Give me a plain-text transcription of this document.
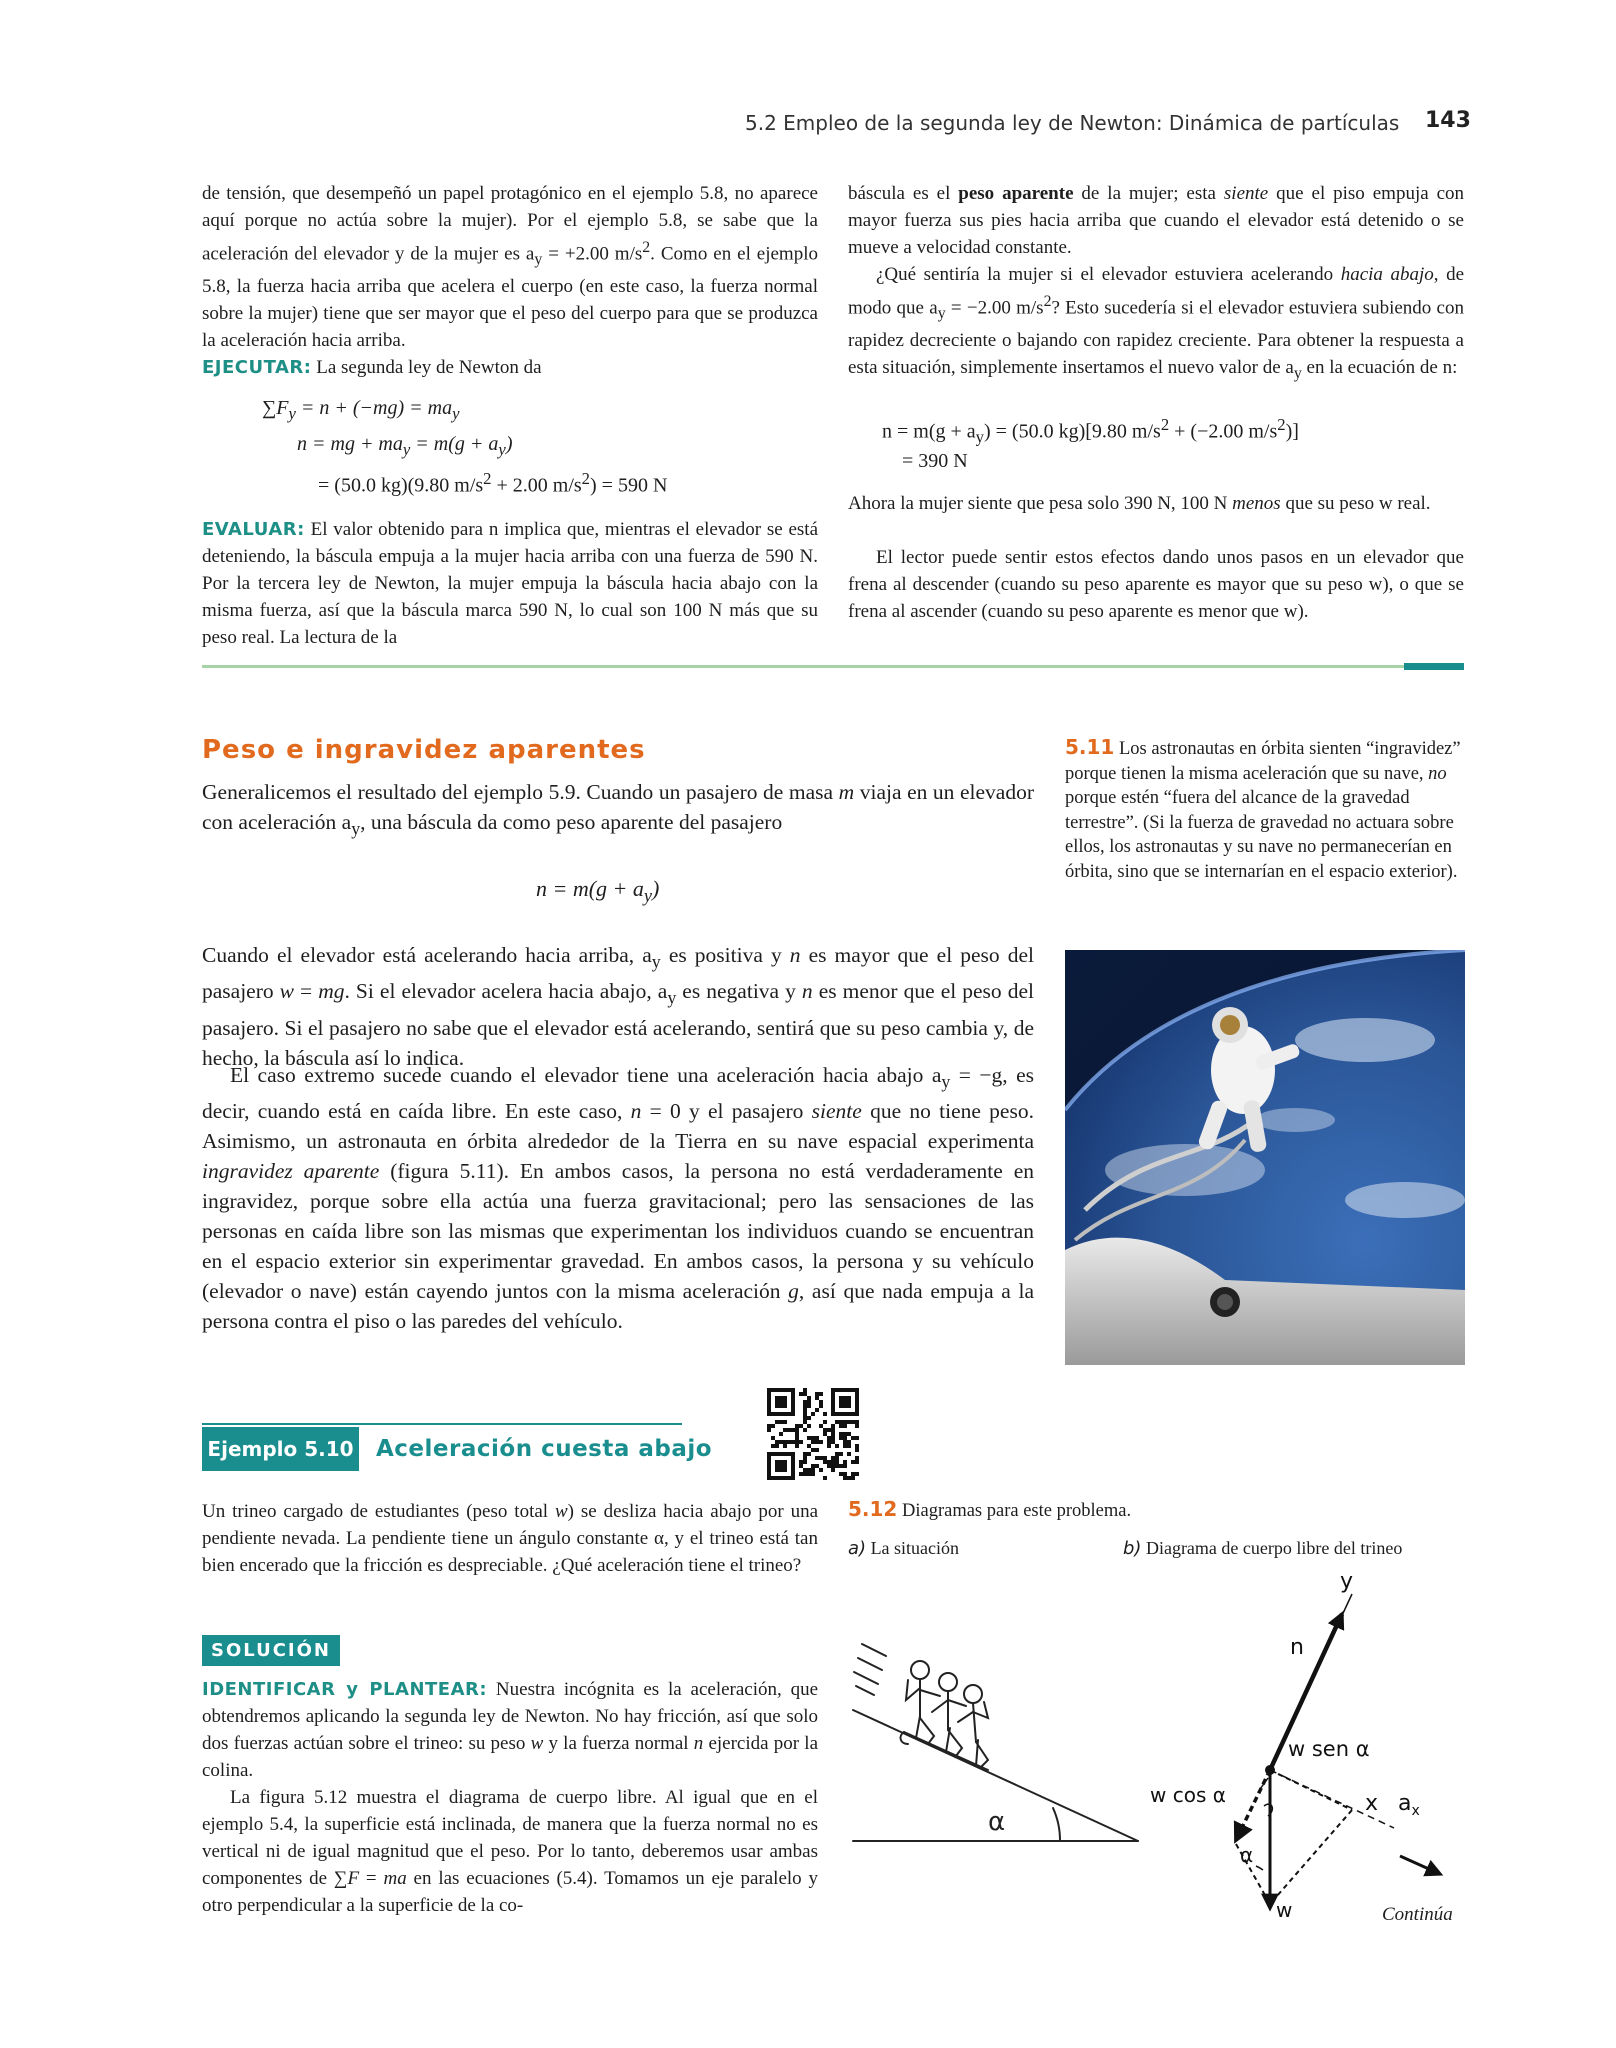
5.2 Empleo de la segunda ley de Newton: Dinámica de partículas 143
de tensión, que desempeñó un papel protagónico en el ejemplo 5.8, no aparece aquí porque no actúa sobre la mujer). Por el ejemplo 5.8, se sabe que la aceleración del elevador y de la mujer es $a_y = +2.00$ $m/s^2$. Como en el ejemplo 5.8, la fuerza hacia arriba que acelera el cuerpo (en este caso, la fuerza normal sobre la mujer) tiene que ser mayor que el peso del cuerpo para que se produzca la aceleración hacia arriba.
EJECUTAR: La segunda ley de Newton da
$\sum F_y = n + (-mg) = ma_y$
n = mg + $ma_y = m(g + a_y)$
= (50.0 kg)(9.80 $m/s^2 + 2.00$ $m/s^2) = 590$ N
EVALUAR: El valor obtenido para n implica que, mientras el elevador se está deteniendo, la báscula empuja a la mujer hacia arriba con una fuerza de 590 N. Por la tercera ley de Newton, la mujer empuja la báscula hacia abajo con la misma fuerza, así que la báscula marca 590 N, lo cual son 100 N más que su peso real. La lectura de la
báscula es el peso aparente de la mujer; esta siente que el piso empuja con mayor fuerza sus pies hacia arriba que cuando el elevador está detenido o se mueve a velocidad constante.
¿Qué sentiría la mujer si el elevador estuviera acelerando hacia abajo, de modo que $a_y = -2.00$ $m/s^2$? Esto sucedería si el elevador estuviera subiendo con rapidez decreciente o bajando con rapidez creciente. Para obtener la respuesta a esta situación, simplemente insertamos el nuevo valor de $a_y$ en la ecuación de n:
$n = m(g + a_y) = (50.0$ kg)[9.80 $m/s^2 + (-2.00$ $m/s^2$)]
= 390 N
Ahora la mujer siente que pesa solo 390 N, 100 N menos que su peso w real.
El lector puede sentir estos efectos dando unos pasos en un elevador que frena al descender (cuando su peso aparente es mayor que su peso w), o que se frena al ascender (cuando su peso aparente es menor que w).
Peso e ingravidez aparentes
Generalicemos el resultado del ejemplo 5.9. Cuando un pasajero de masa m viaja en un elevador con aceleración $a_y$, una báscula da como peso aparente del pasajero
$n = m(g + a_y)$
Cuando el elevador está acelerando hacia arriba, $a_y$ es positiva y n es mayor que el peso del pasajero w = mg. Si el elevador acelera hacia abajo, $a_y$ es negativa y n es menor que el peso del pasajero. Si el pasajero no sabe que el elevador está acelerando, sentirá que su peso cambia y, de hecho, la báscula así lo indica.
El caso extremo sucede cuando el elevador tiene una aceleración hacia abajo $a_y = -g$, es decir, cuando está en caída libre. En este caso, n = 0 y el pasajero siente que no tiene peso. Asimismo, un astronauta en órbita alrededor de la Tierra en su nave espacial experimenta ingravidez aparente (figura 5.11). En ambos casos, la persona no está verdaderamente en ingravidez, porque sobre ella actúa una fuerza gravitacional; pero las sensaciones de las personas en caída libre son las mismas que experimentan los individuos cuando se encuentran en el espacio exterior sin experimentar gravedad. En ambos casos, la persona y su vehículo (elevador o nave) están cayendo juntos con la misma aceleración g, así que nada empuja a la persona contra el piso o las paredes del vehículo.
5.11 Los astronautas en órbita sienten “ingravidez” porque tienen la misma aceleración que su nave, no porque estén “fuera del alcance de la gravedad terrestre”. (Si la fuerza de gravedad no actuara sobre ellos, los astronautas y su nave no permanecerían en órbita, sino que se internarían en el espacio exterior).
Ejemplo 5.10 Aceleración cuesta abajo
Un trineo cargado de estudiantes (peso total w) se desliza hacia abajo por una pendiente nevada. La pendiente tiene un ángulo constante α, y el trineo está tan bien encerado que la fricción es despreciable. ¿Qué aceleración tiene el trineo?
SOLUCIÓN
IDENTIFICAR y PLANTEAR: Nuestra incógnita es la aceleración, que obtendremos aplicando la segunda ley de Newton. No hay fricción, así que solo dos fuerzas actúan sobre el trineo: su peso w y la fuerza normal n ejercida por la colina.
La figura 5.12 muestra el diagrama de cuerpo libre. Al igual que en el ejemplo 5.4, la superficie está inclinada, de manera que la fuerza normal no es vertical ni de igual magnitud que el peso. Por lo tanto, deberemos usar ambas componentes de ∑F = ma en las ecuaciones (5.4). Tomamos un eje paralelo y otro perpendicular a la superficie de la co-
5.12 Diagramas para este problema.
a) La situación	b) Diagrama de cuerpo libre del trineo
α
y
n
w sen α
w cos α	x $a_x$
α
w	Continúa
